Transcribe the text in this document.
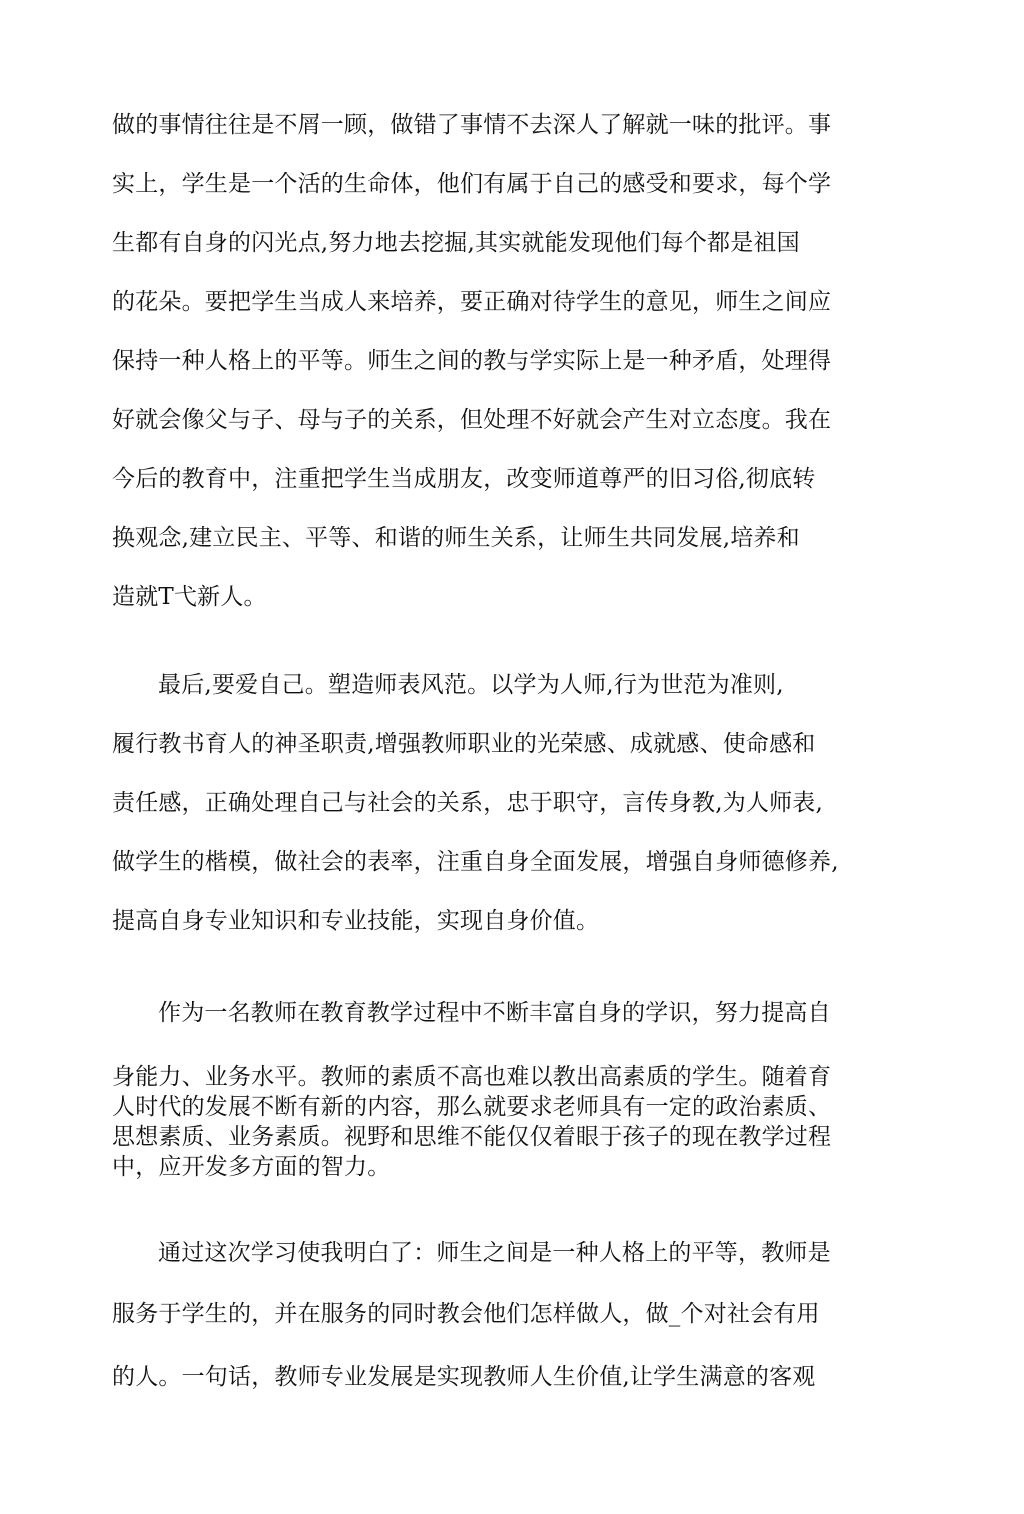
做的事情往往是不屑一顾，做错了事情不去深人了解就一味的批评。事
实上，学生是一个活的生命体，他们有属于自己的感受和要求，每个学
生都有自身的闪光点,努力地去挖掘,其实就能发现他们每个都是祖国
的花朵。要把学生当成人来培养，要正确对待学生的意见，师生之间应
保持一种人格上的平等。师生之间的教与学实际上是一种矛盾，处理得
好就会像父与子、母与子的关系，但处理不好就会产生对立态度。我在
今后的教育中，注重把学生当成朋友，改变师道尊严的旧习俗,彻底转
换观念,建立民主、平等、和谐的师生关系，让师生共同发展,培养和
造就T弋新人。
最后,要爱自己。塑造师表风范。以学为人师,行为世范为准则,
履行教书育人的神圣职责,增强教师职业的光荣感、成就感、使命感和
责任感，正确处理自己与社会的关系，忠于职守，言传身教,为人师表,
做学生的楷模，做社会的表率，注重自身全面发展，增强自身师德修养,
提高自身专业知识和专业技能，实现自身价值。
作为一名教师在教育教学过程中不断丰富自身的学识，努力提高自
身能力、业务水平。教师的素质不高也难以教出高素质的学生。随着育
人时代的发展不断有新的内容，那么就要求老师具有一定的政治素质、
思想素质、业务素质。视野和思维不能仅仅着眼于孩子的现在教学过程
中，应开发多方面的智力。
通过这次学习使我明白了：师生之间是一种人格上的平等，教师是
服务于学生的，并在服务的同时教会他们怎样做人，做_个对社会有用
的人。一句话，教师专业发展是实现教师人生价值,让学生满意的客观
